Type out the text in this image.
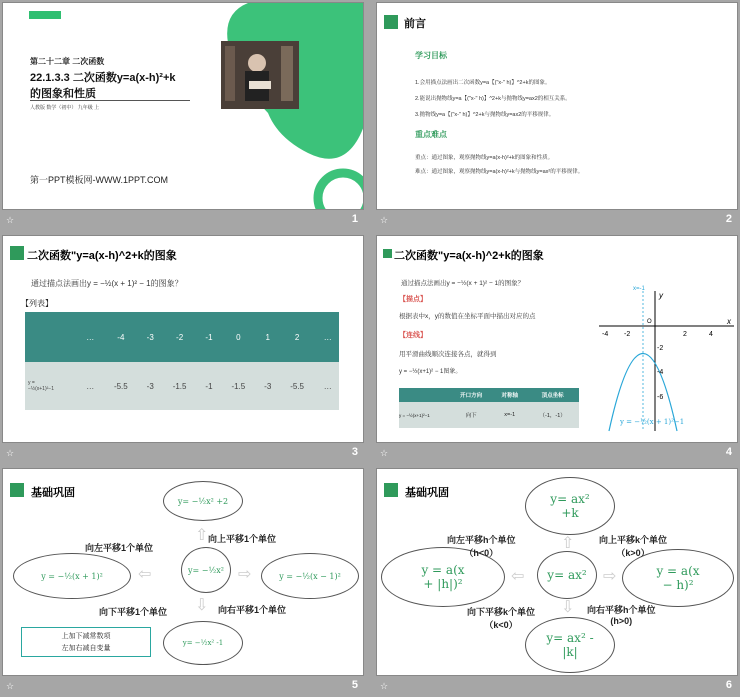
第二十二章 二次函数
22.1.3.3 二次函数y=a(x-h)²+k
的图象和性质
人教版 数学（初中） 九年级 上
第一PPT模板网-WWW.1PPT.COM
☆	1
前言
学习目标
1.会用描点法画出二次函数y=a【("x-" h)】^2+k的图象。
2.能说出抛物线y=a【("x-" h)】^2+k与抛物线y=ax2的相互关系。
3.抛物线y=a【("x-" h)】^2+k与抛物线y=ax2的平移规律。
重点难点
重点：通过图象，观察抛物线y=a(x-h)²+k的图象和性质。
难点：通过图象，观察抛物线y=a(x-h)²+k与抛物线y=ax²的平移规律。
☆	2
二次函数"y=a(x-h)^2+k的图象
通过描点法画出y = −½(x + 1)² − 1的图象？
【列表】
	…	-4	-3	-2	-1	0	1	2	…

y =
−½(x+1)²−1	…	-5.5	-3	-1.5	-1	-1.5	-3	-5.5	…
☆	3
二次函数"y=a(x-h)^2+k的图象
通过描点法画出y = −½(x + 1)² − 1的图象？
【描点】
根据表中x，y的数值在坐标平面中描出对应的点
【连线】
用平滑曲线顺次连接各点，就得到
y = −½(x+1)² − 1图象。
	开口方向	对称轴	顶点坐标
y = −½(x+1)²−1	向下	x=-1	（-1，-1）
-4 -2	2	4
x
y
O
-2
-4
-6
x=-1
y = −½(x + 1)²−1
☆	4
基础巩固
y= −½x² +2
y= −½x²
y = −½(x + 1)²	y = −½(x − 1)²
y= −½x² -1
⇧
⇦	⇨
⇩
向上平移1个单位
向左平移1个单位
向右平移1个单位
向下平移1个单位
上加下减常数项
左加右减自变量
☆	5
基础巩固	y= ax²
+k
y= ax²
y = a(x
+ |h|)²
y = a(x
− h)²
y= ax² -
|k|
⇧
⇦	⇨
⇩
向上平移k个单位
（k>0）
向左平移h个单位
（h<0）
向右平移h个单位
(h>0)
向下平移k个单位
（k<0）
☆	6
